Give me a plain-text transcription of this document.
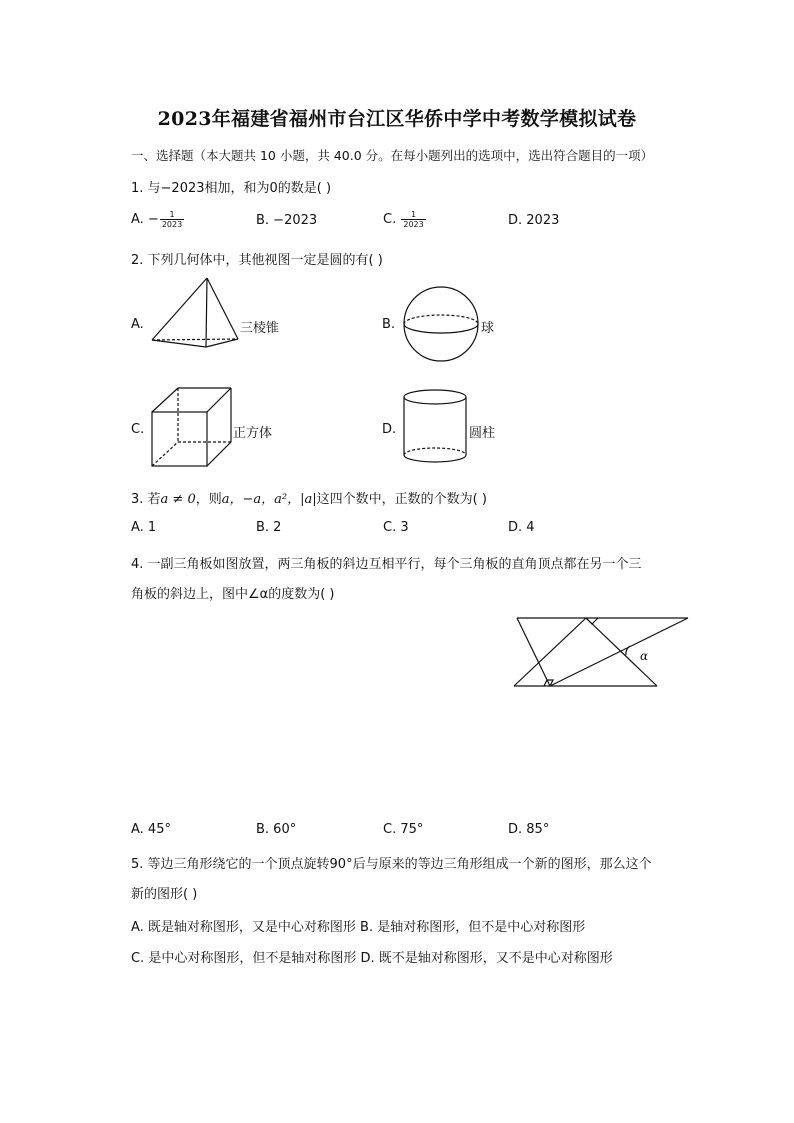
2023年福建省福州市台江区华侨中学中考数学模拟试卷
一、选择题（本大题共 10 小题，共 40.0 分。在每小题列出的选项中，选出符合题目的一项）
1. 与−2023相加，和为0的数是( )
A. − $\frac{1}{2023}$	B. −2023	C. $\frac{1}{2023}$	D. 2023
2. 下列几何体中，其他视图一定是圆的有( )
A.	三棱锥	B.	球
C.	正方体	D.	圆柱
3. 若a ≠ 0，则a，−a，a²，|a|这四个数中，正数的个数为( )
A. 1	B. 2	C. 3	D. 4
4. 一副三角板如图放置，两三角板的斜边互相平行，每个三角板的直角顶点都在另一个三
角板的斜边上，图中∠α的度数为( )
α
A. 45°	B. 60°	C. 75°	D. 85°
5. 等边三角形绕它的一个顶点旋转90°后与原来的等边三角形组成一个新的图形，那么这个
新的图形( )
A. 既是轴对称图形，又是中心对称图形 B. 是轴对称图形，但不是中心对称图形
C. 是中心对称图形，但不是轴对称图形 D. 既不是轴对称图形，又不是中心对称图形
